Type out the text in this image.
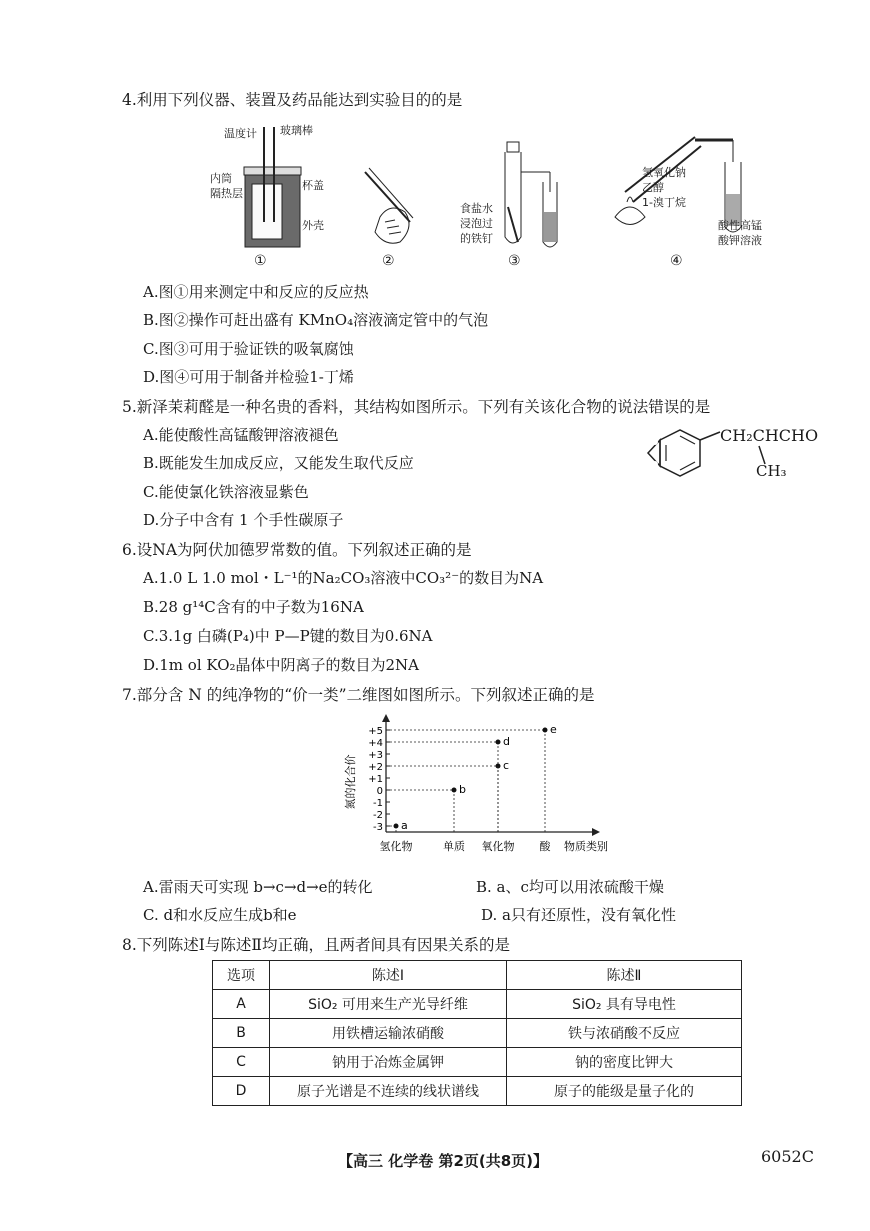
4.利用下列仪器、装置及药品能达到实验目的的是
温度计 玻璃棒
内筒
隔热层
杯盖
外壳
①	②
食盐水
浸泡过
的铁钉
③
氢氧化钠
乙醇
1-溴丁烷
酸性高锰
酸钾溶液
④
A.图①用来测定中和反应的反应热
B.图②操作可赶出盛有 KMnO₄溶液滴定管中的气泡
C.图③可用于验证铁的吸氧腐蚀
D.图④可用于制备并检验1-丁烯
5.新泽茉莉醛是一种名贵的香料，其结构如图所示。下列有关该化合物的说法错误的是
A.能使酸性高锰酸钾溶液褪色
B.既能发生加成反应，又能发生取代反应
C.能使氯化铁溶液显紫色
D.分子中含有 1 个手性碳原子
CH₂CHCHO
CH₃
6.设NA为阿伏加德罗常数的值。下列叙述正确的是
A.1.0 L 1.0 mol・L⁻¹的Na₂CO₃溶液中CO₃²⁻的数目为NA
B.28 g¹⁴C含有的中子数为16NA
C.3.1g 白磷(P₄)中 P—P键的数目为0.6NA
D.1m ol KO₂晶体中阴离子的数目为2NA
7.部分含 N 的纯净物的“价一类”二维图如图所示。下列叙述正确的是
+5
+4
+3
+2
+1
0
-1
-2
-3
氮的化合价
氢化物	单质 氧化物 酸 物质类别
a
b
c
d
e
A.雷雨天可实现 b→c→d→e的转化	B. a、c均可以用浓硫酸干燥
C. d和水反应生成b和e	D. a只有还原性，没有氧化性
8.下列陈述Ⅰ与陈述Ⅱ均正确，且两者间具有因果关系的是
选项	陈述Ⅰ	陈述Ⅱ
A	SiO₂ 可用来生产光导纤维	SiO₂ 具有导电性
B	用铁槽运输浓硝酸	铁与浓硝酸不反应
C	钠用于冶炼金属钾	钠的密度比钾大
D	原子光谱是不连续的线状谱线	原子的能级是量子化的
【高三 化学卷 第2页(共8页)】	6052C
